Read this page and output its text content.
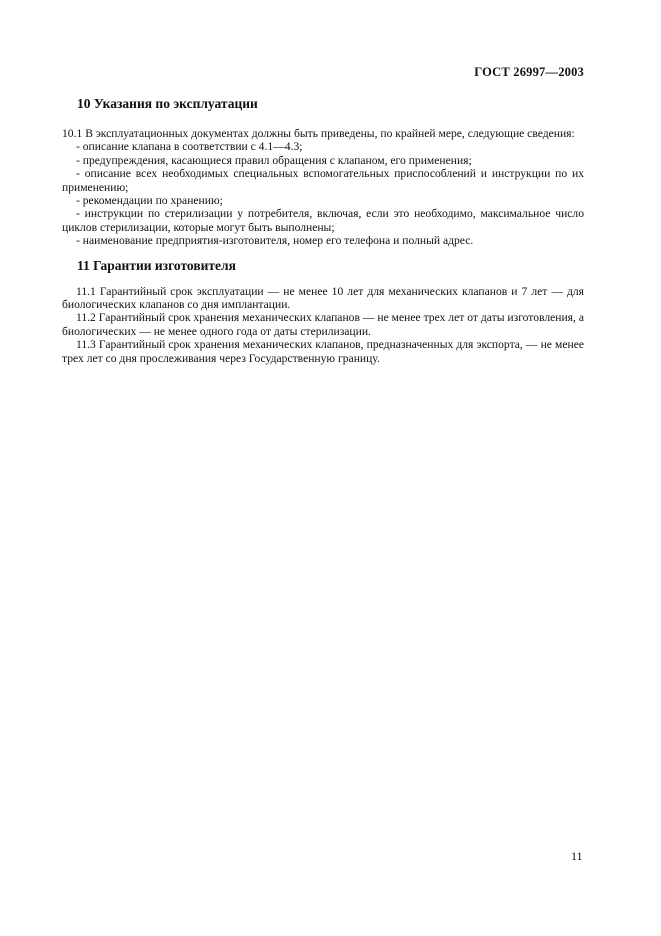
ГОСТ 26997—2003
10 Указания по эксплуатации

10.1 В эксплуатационных документах должны быть приведены, по крайней мере, следующие сведения:

- описание клапана в соответствии с 4.1—4.3;

- предупреждения, касающиеся правил обращения с клапаном, его применения;

- описание всех необходимых специальных вспомогательных приспособлений и инструкции по их применению;

- рекомендации по хранению;

- инструкции по стерилизации у потребителя, включая, если это необходимо, максимальное число циклов стерилизации, которые могут быть выполнены;

- наименование предприятия-изготовителя, номер его телефона и полный адрес.

11 Гарантии изготовителя

11.1 Гарантийный срок эксплуатации — не менее 10 лет для механических клапанов и 7 лет — для биологических клапанов со дня имплантации.

11.2 Гарантийный срок хранения механических клапанов — не менее трех лет от даты изготовления, а биологических — не менее одного года от даты стерилизации.

11.3 Гарантийный срок хранения механических клапанов, предназначенных для экспорта, — не менее трех лет со дня прослеживания через Государственную границу.

11
